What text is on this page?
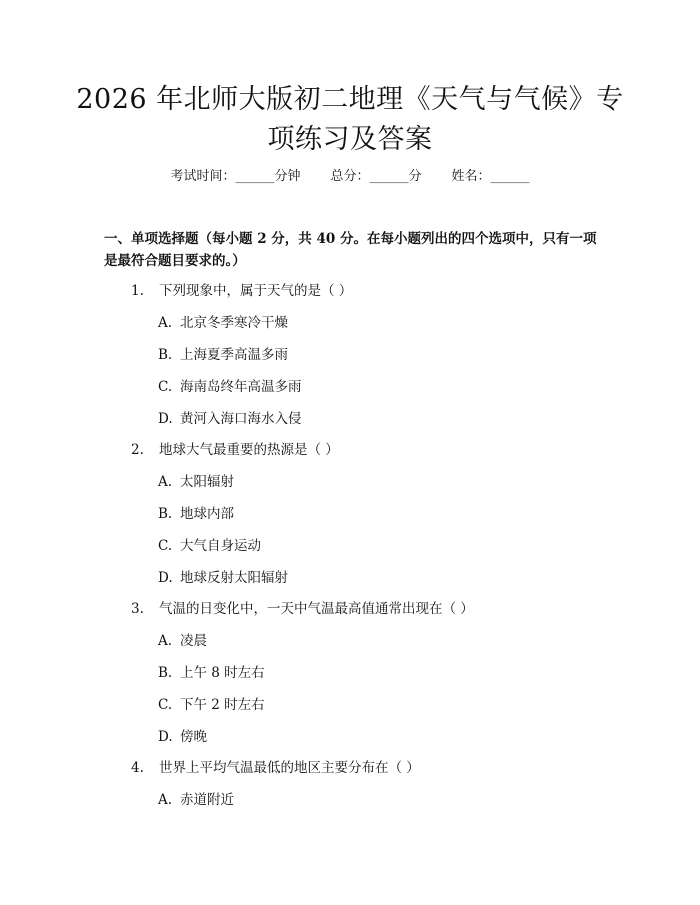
2026 年北师大版初二地理《天气与气候》专
项练习及答案
考试时间：______分钟 总分：______分 姓名：______
一、单项选择题（每小题 2 分，共 40 分。在每小题列出的四个选项中，只有一项
是最符合题目要求的。）
1. 下列现象中，属于天气的是（ ）
A. 北京冬季寒冷干燥
B. 上海夏季高温多雨
C. 海南岛终年高温多雨
D. 黄河入海口海水入侵
2. 地球大气最重要的热源是（ ）
A. 太阳辐射
B. 地球内部
C. 大气自身运动
D. 地球反射太阳辐射
3. 气温的日变化中，一天中气温最高值通常出现在（ ）
A. 凌晨
B. 上午 8 时左右
C. 下午 2 时左右
D. 傍晚
4. 世界上平均气温最低的地区主要分布在（ ）
A. 赤道附近
